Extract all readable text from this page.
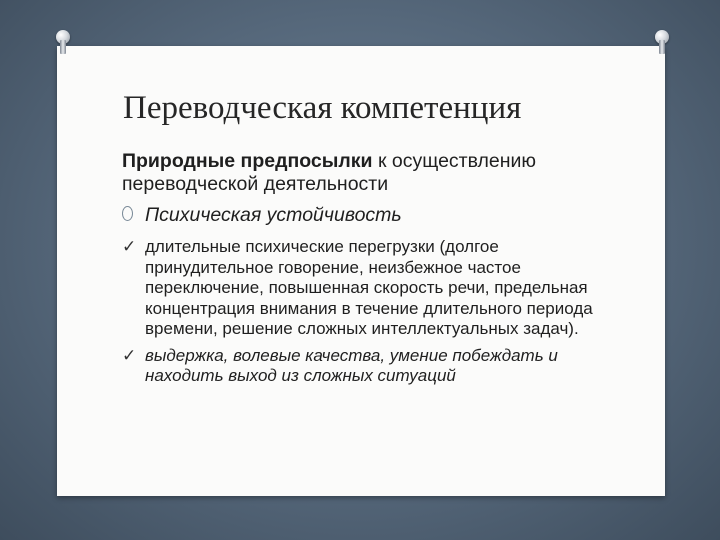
Переводческая компетенция

Природные предпосылки к осуществлению переводческой деятельности

Психическая устойчивость
✓ длительные психические перегрузки (долгое принудительное говорение, неизбежное частое переключение, повышенная скорость речи, предельная концентрация внимания в течение длительного периода времени, решение сложных интеллектуальных задач).
✓ выдержка, волевые качества, умение побеждать и находить выход из сложных ситуаций
